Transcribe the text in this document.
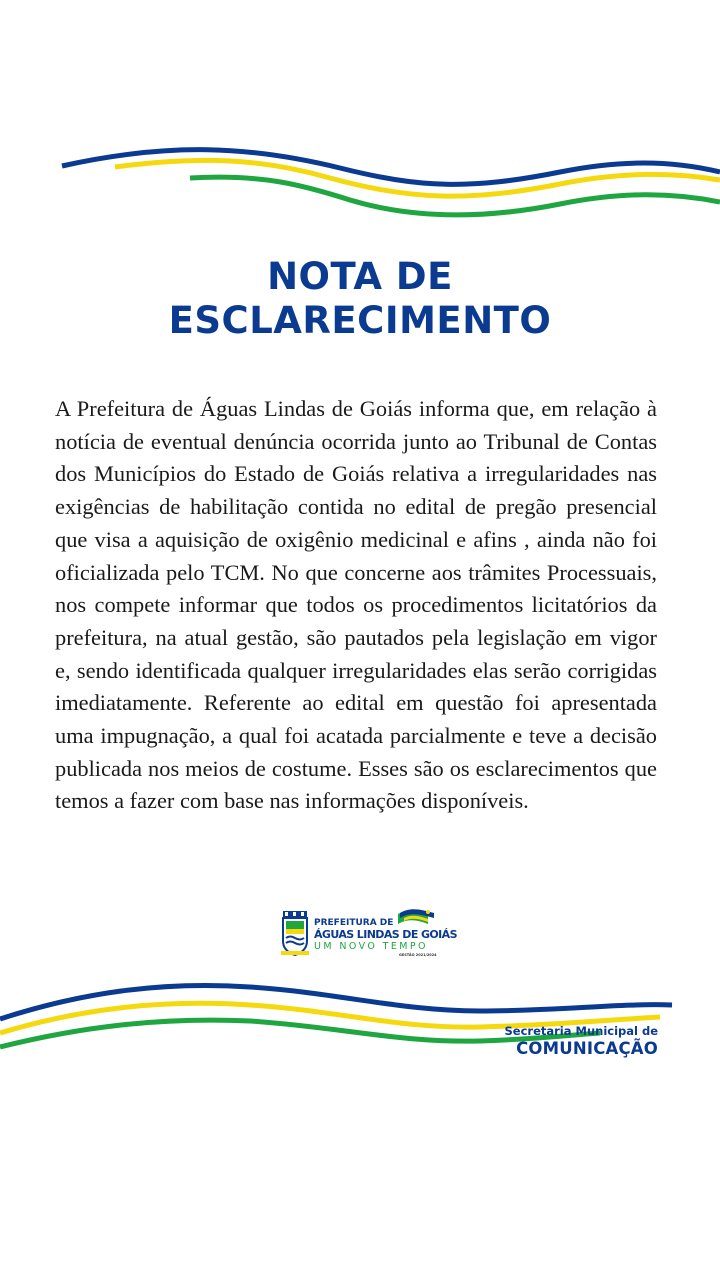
NOTA DE
ESCLARECIMENTO

A Prefeitura de Águas Lindas de Goiás informa que, em relação à notícia de eventual denúncia ocorrida junto ao Tribunal de Contas dos Municípios do Estado de Goiás relativa a irregularidades nas exigências de habilitação contida no edital de pregão presencial que visa a aquisição de oxigênio medicinal e afins , ainda não foi oficializada pelo TCM. No que concerne aos trâmites Processuais, nos compete informar que todos os procedimentos licitatórios da prefeitura, na atual gestão, são pautados pela legislação em vigor e, sendo identificada qualquer irregularidades elas serão corrigidas imediatamente. Referente ao edital em questão foi apresentada uma impugnação, a qual foi acatada parcialmente e teve a decisão publicada nos meios de costume. Esses são os esclarecimentos que temos a fazer com base nas informações disponíveis.

PREFEITURA DE
ÁGUAS LINDAS DE GOIÁS
UM NOVO TEMPO
GESTÃO 2021/2024
Secretaria Municipal de
COMUNICAÇÃO
